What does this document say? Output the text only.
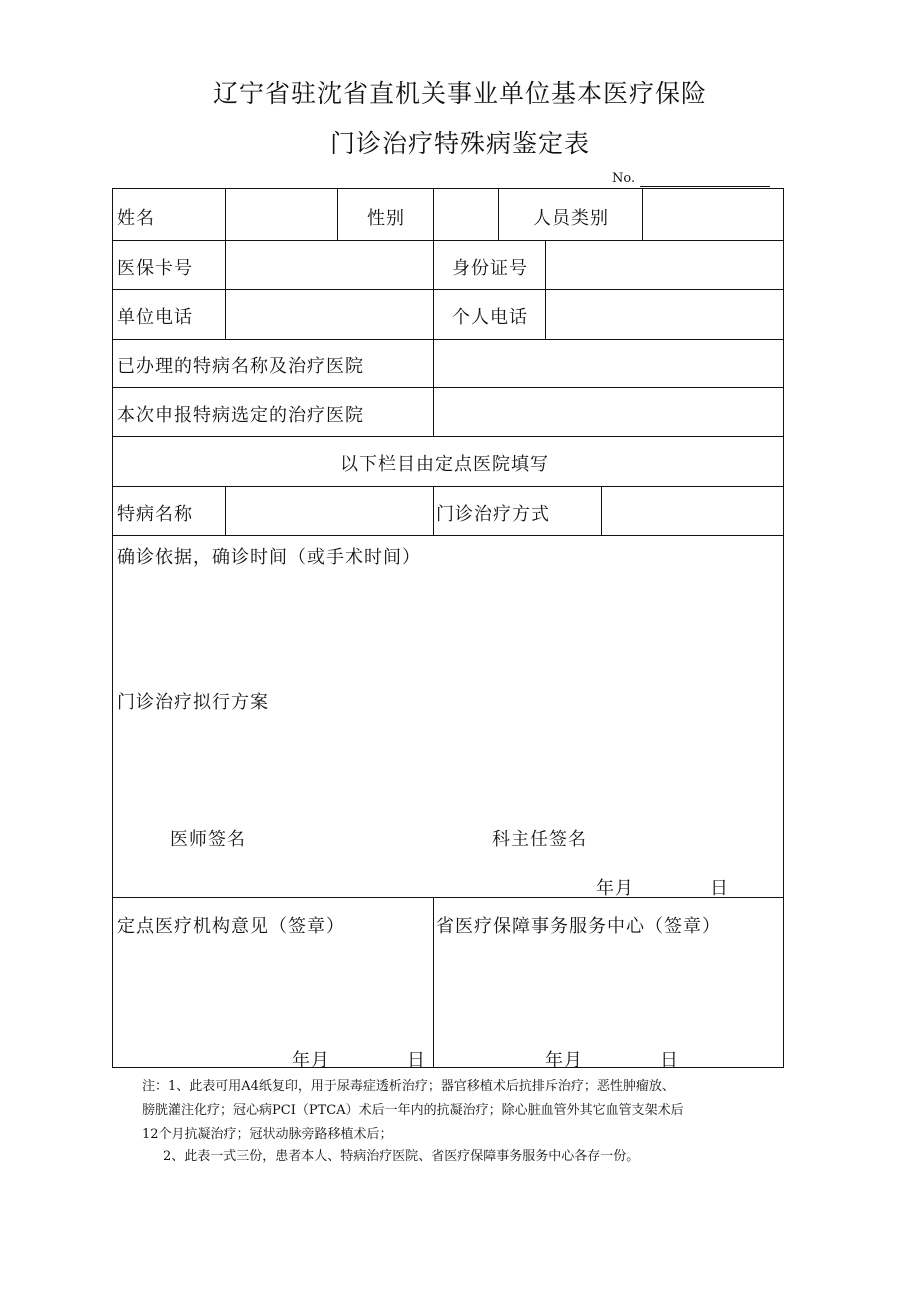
辽宁省驻沈省直机关事业单位基本医疗保险
门诊治疗特殊病鉴定表
No.
姓名	性别	人员类别
医保卡号	身份证号
单位电话	个人电话
已办理的特病名称及治疗医院
本次申报特病选定的治疗医院
以下栏目由定点医院填写
特病名称	门诊治疗方式
确诊依据，确诊时间（或手术时间）
门诊治疗拟行方案
医师签名	科主任签名
年月	日
定点医疗机构意见（签章）	省医疗保障事务服务中心（签章）
年月	日	年月	日
注：1、此表可用A4纸复印，用于尿毒症透析治疗；器官移植术后抗排斥治疗；恶性肿瘤放、
膀胱灌注化疗；冠心病PCI（PTCA）术后一年内的抗凝治疗；除心脏血管外其它血管支架术后
12个月抗凝治疗；冠状动脉旁路移植术后；
2、此表一式三份，患者本人、特病治疗医院、省医疗保障事务服务中心各存一份。
